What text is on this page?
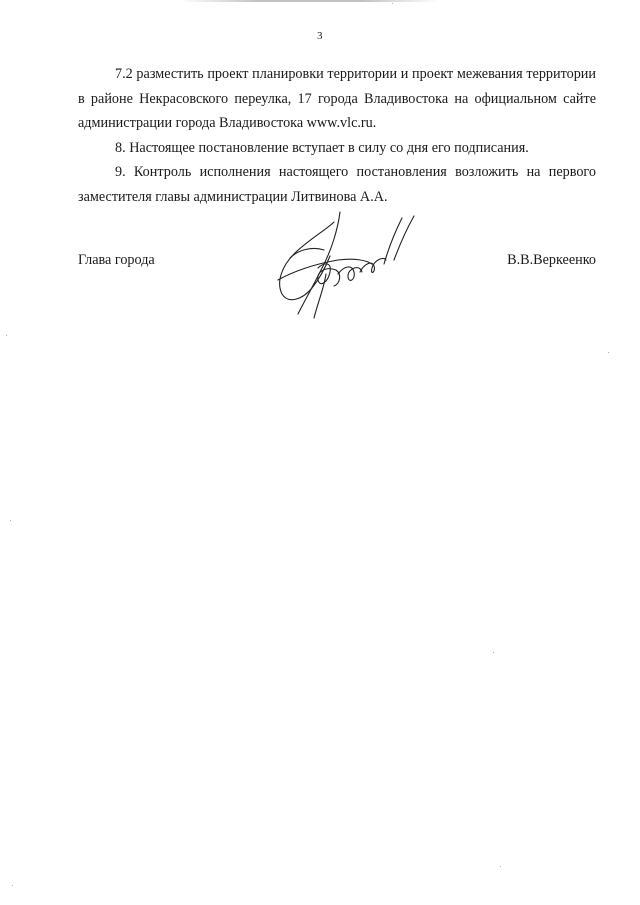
3

7.2 разместить проект планировки территории и проект межевания территории в районе Некрасовского переулка, 17 города Владивостока на официальном сайте администрации города Владивостока www.vlc.ru.

8. Настоящее постановление вступает в силу со дня его подписания.

9. Контроль исполнения настоящего постановления возложить на первого заместителя главы администрации Литвинова А.А.

Глава города	В.В.Веркеенко
